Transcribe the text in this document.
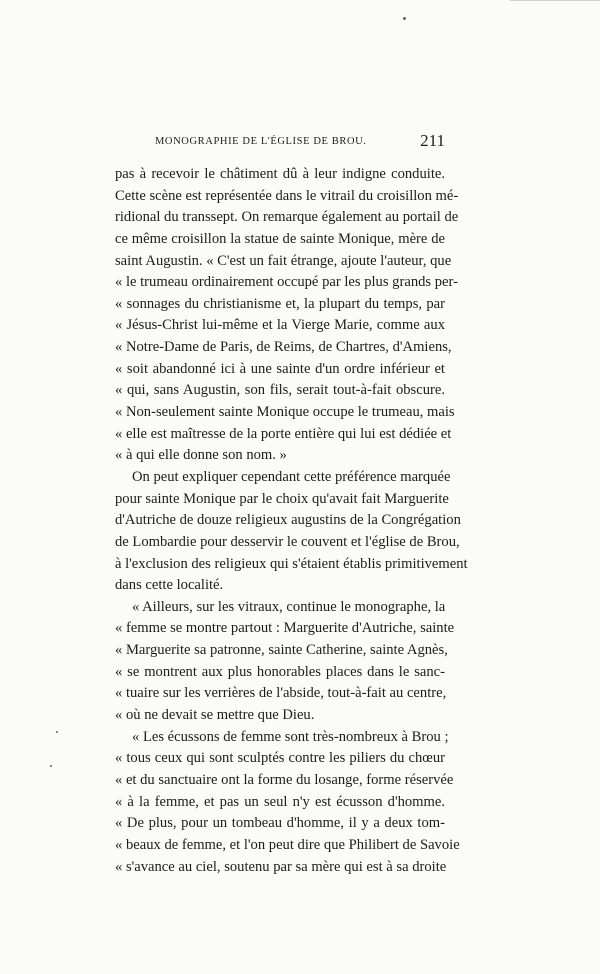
MONOGRAPHIE DE L'ÉGLISE DE BROU.	211
pas à recevoir le châtiment dû à leur indigne conduite.
Cette scène est représentée dans le vitrail du croisillon mé-
ridional du transsept. On remarque également au portail de
ce même croisillon la statue de sainte Monique, mère de
saint Augustin. « C'est un fait étrange, ajoute l'auteur, que
« le trumeau ordinairement occupé par les plus grands per-
« sonnages du christianisme et, la plupart du temps, par
« Jésus-Christ lui-même et la Vierge Marie, comme aux
« Notre-Dame de Paris, de Reims, de Chartres, d'Amiens,
« soit abandonné ici à une sainte d'un ordre inférieur et
« qui, sans Augustin, son fils, serait tout-à-fait obscure.
« Non-seulement sainte Monique occupe le trumeau, mais
« elle est maîtresse de la porte entière qui lui est dédiée et
« à qui elle donne son nom. »
On peut expliquer cependant cette préférence marquée
pour sainte Monique par le choix qu'avait fait Marguerite
d'Autriche de douze religieux augustins de la Congrégation
de Lombardie pour desservir le couvent et l'église de Brou,
à l'exclusion des religieux qui s'étaient établis primitivement
dans cette localité.
« Ailleurs, sur les vitraux, continue le monographe, la
« femme se montre partout : Marguerite d'Autriche, sainte
« Marguerite sa patronne, sainte Catherine, sainte Agnès,
« se montrent aux plus honorables places dans le sanc-
« tuaire sur les verrières de l'abside, tout-à-fait au centre,
« où ne devait se mettre que Dieu.
« Les écussons de femme sont très-nombreux à Brou ;
« tous ceux qui sont sculptés contre les piliers du chœur
« et du sanctuaire ont la forme du losange, forme réservée
« à la femme, et pas un seul n'y est écusson d'homme.
« De plus, pour un tombeau d'homme, il y a deux tom-
« beaux de femme, et l'on peut dire que Philibert de Savoie
« s'avance au ciel, soutenu par sa mère qui est à sa droite
